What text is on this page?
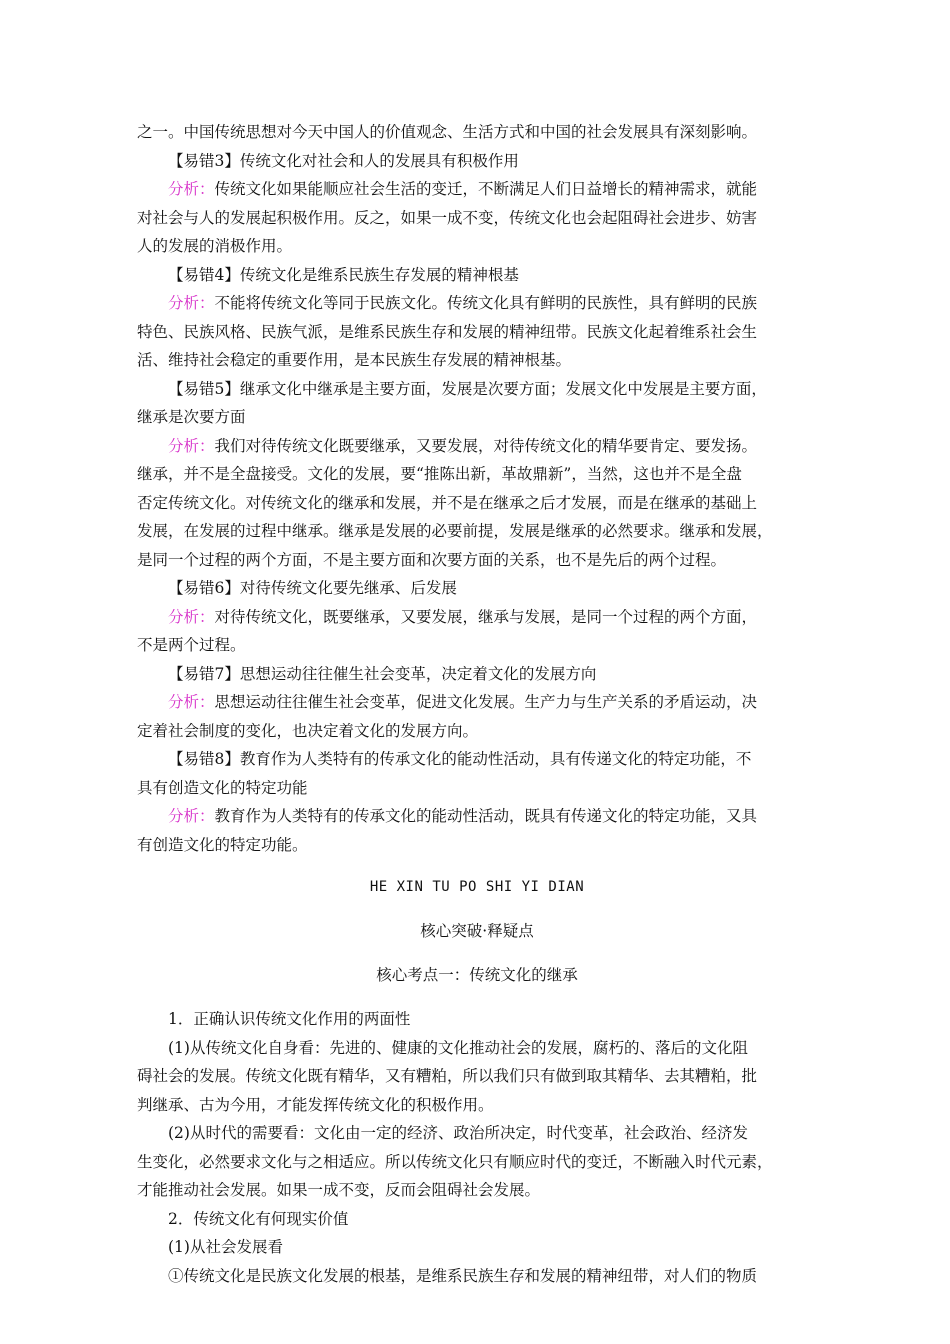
之一。中国传统思想对今天中国人的价值观念、生活方式和中国的社会发展具有深刻影响。

【易错3】传统文化对社会和人的发展具有积极作用

分析：传统文化如果能顺应社会生活的变迁，不断满足人们日益增长的精神需求，就能

对社会与人的发展起积极作用。反之，如果一成不变，传统文化也会起阻碍社会进步、妨害

人的发展的消极作用。

【易错4】传统文化是维系民族生存发展的精神根基

分析：不能将传统文化等同于民族文化。传统文化具有鲜明的民族性，具有鲜明的民族

特色、民族风格、民族气派，是维系民族生存和发展的精神纽带。民族文化起着维系社会生

活、维持社会稳定的重要作用，是本民族生存发展的精神根基。

【易错5】继承文化中继承是主要方面，发展是次要方面；发展文化中发展是主要方面，

继承是次要方面

分析：我们对待传统文化既要继承，又要发展，对待传统文化的精华要肯定、要发扬。

继承，并不是全盘接受。文化的发展，要“推陈出新，革故鼎新”，当然，这也并不是全盘

否定传统文化。对传统文化的继承和发展，并不是在继承之后才发展，而是在继承的基础上

发展，在发展的过程中继承。继承是发展的必要前提，发展是继承的必然要求。继承和发展，

是同一个过程的两个方面，不是主要方面和次要方面的关系，也不是先后的两个过程。

【易错6】对待传统文化要先继承、后发展

分析：对待传统文化，既要继承，又要发展，继承与发展，是同一个过程的两个方面，

不是两个过程。

【易错7】思想运动往往催生社会变革，决定着文化的发展方向

分析：思想运动往往催生社会变革，促进文化发展。生产力与生产关系的矛盾运动，决

定着社会制度的变化，也决定着文化的发展方向。

【易错8】教育作为人类特有的传承文化的能动性活动，具有传递文化的特定功能，不

具有创造文化的特定功能

分析：教育作为人类特有的传承文化的能动性活动，既具有传递文化的特定功能，又具

有创造文化的特定功能。

HE XIN TU PO SHI YI DIAN

核心突破·释疑点

核心考点一：传统文化的继承

1．正确认识传统文化作用的两面性

(1)从传统文化自身看：先进的、健康的文化推动社会的发展，腐朽的、落后的文化阻

碍社会的发展。传统文化既有精华，又有糟粕，所以我们只有做到取其精华、去其糟粕，批

判继承、古为今用，才能发挥传统文化的积极作用。

(2)从时代的需要看：文化由一定的经济、政治所决定，时代变革，社会政治、经济发

生变化，必然要求文化与之相适应。所以传统文化只有顺应时代的变迁，不断融入时代元素，

才能推动社会发展。如果一成不变，反而会阻碍社会发展。

2．传统文化有何现实价值

(1)从社会发展看

①传统文化是民族文化发展的根基，是维系民族生存和发展的精神纽带，对人们的物质
